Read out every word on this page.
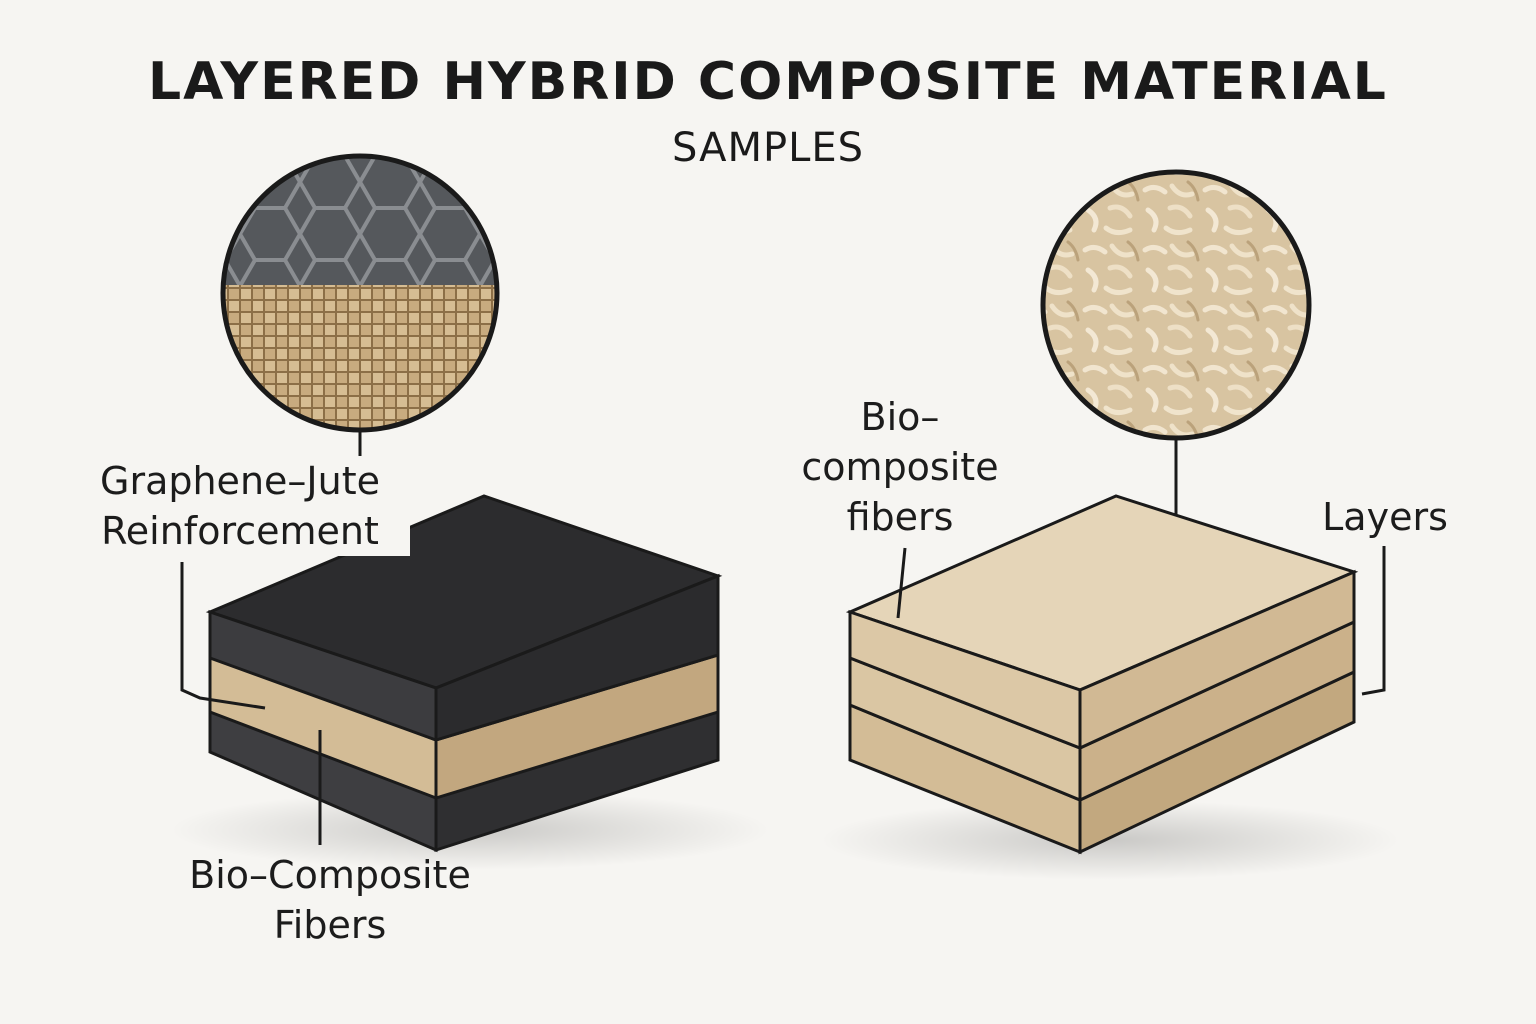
LAYERED HYBRID COMPOSITE MATERIAL
SAMPLES
Graphene–Jute
Reinforcement
Bio–Composite
Fibers
Bio–
composite
fibers	Layers
